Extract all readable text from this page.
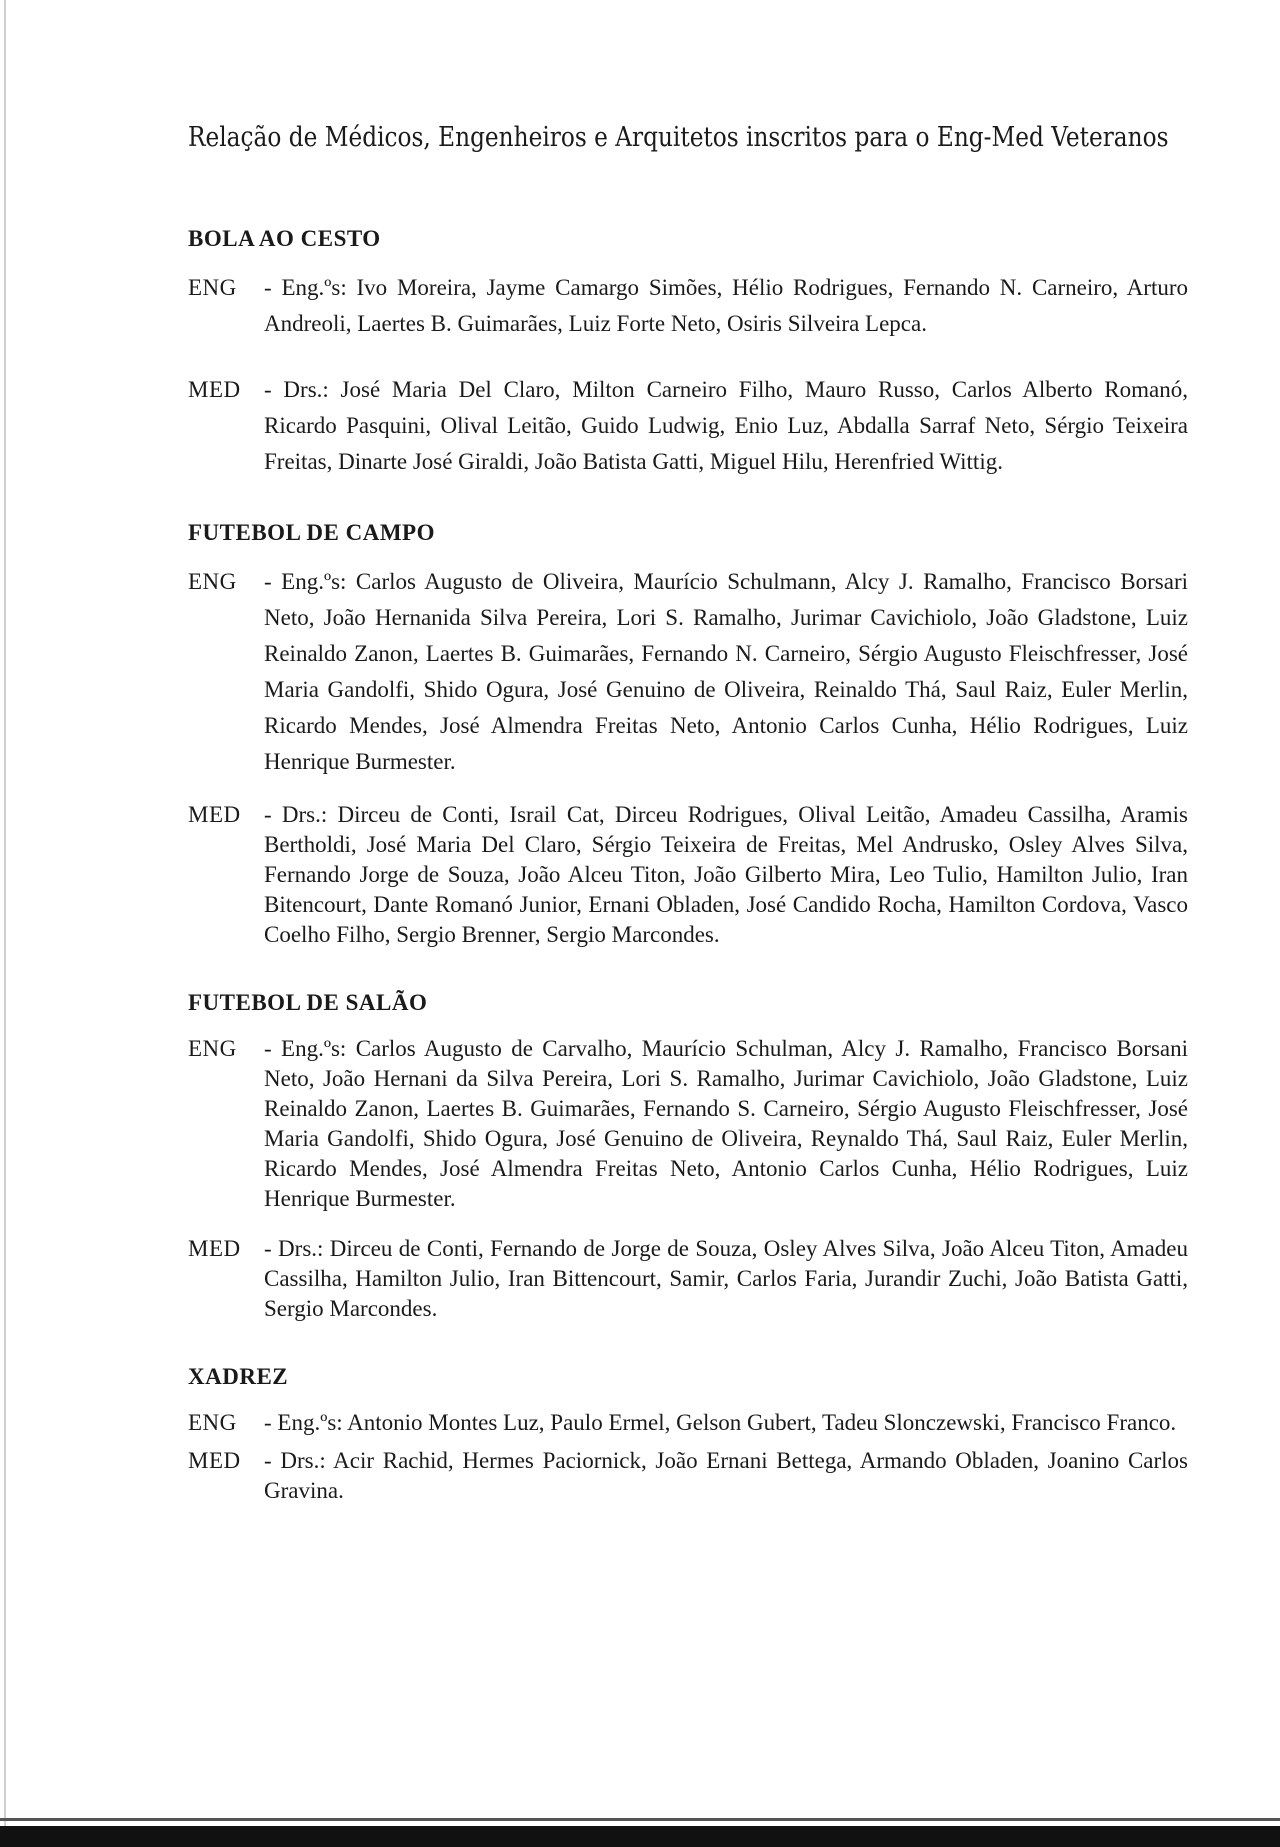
Relação de Médicos, Engenheiros e Arquitetos inscritos para o Eng-Med Veteranos
BOLA AO CESTO
ENG	- Eng.ºs: Ivo Moreira, Jayme Camargo Simões, Hélio Rodrigues, Fernando N. Carneiro, Arturo Andreoli, Laertes B. Guimarães, Luiz Forte Neto, Osiris Silveira Lepca.
MED	- Drs.: José Maria Del Claro, Milton Carneiro Filho, Mauro Russo, Carlos Alberto Romanó, Ricardo Pasquini, Olival Leitão, Guido Ludwig, Enio Luz, Abdalla Sarraf Neto, Sérgio Teixeira Freitas, Dinarte José Giraldi, João Batista Gatti, Miguel Hilu, Herenfried Wittig.
FUTEBOL DE CAMPO
ENG	- Eng.ºs: Carlos Augusto de Oliveira, Maurício Schulmann, Alcy J. Ramalho, Francisco Borsari Neto, João Hernanida Silva Pereira, Lori S. Ramalho, Jurimar Cavichiolo, João Gladstone, Luiz Reinaldo Zanon, Laertes B. Guimarães, Fernando N. Carneiro, Sérgio Augusto Fleischfresser, José Maria Gandolfi, Shido Ogura, José Genuino de Oliveira, Reinaldo Thá, Saul Raiz, Euler Merlin, Ricardo Mendes, José Almendra Freitas Neto, Antonio Carlos Cunha, Hélio Rodrigues, Luiz Henrique Burmester.
MED	- Drs.: Dirceu de Conti, Israil Cat, Dirceu Rodrigues, Olival Leitão, Amadeu Cassilha, Aramis Bertholdi, José Maria Del Claro, Sérgio Teixeira de Freitas, Mel Andrusko, Osley Alves Silva, Fernando Jorge de Souza, João Alceu Titon, João Gilberto Mira, Leo Tulio, Hamilton Julio, Iran Bitencourt, Dante Romanó Junior, Ernani Obladen, José Candido Rocha, Hamilton Cordova, Vasco Coelho Filho, Sergio Brenner, Sergio Marcondes.
FUTEBOL DE SALÃO
ENG	- Eng.ºs: Carlos Augusto de Carvalho, Maurício Schulman, Alcy J. Ramalho, Francisco Borsani Neto, João Hernani da Silva Pereira, Lori S. Ramalho, Jurimar Cavichiolo, João Gladstone, Luiz Reinaldo Zanon, Laertes B. Guimarães, Fernando S. Carneiro, Sérgio Augusto Fleischfresser, José Maria Gandolfi, Shido Ogura, José Genuino de Oliveira, Reynaldo Thá, Saul Raiz, Euler Merlin, Ricardo Mendes, José Almendra Freitas Neto, Antonio Carlos Cunha, Hélio Rodrigues, Luiz Henrique Burmester.
MED	- Drs.: Dirceu de Conti, Fernando de Jorge de Souza, Osley Alves Silva, João Alceu Titon, Amadeu Cassilha, Hamilton Julio, Iran Bittencourt, Samir, Carlos Faria, Jurandir Zuchi, João Batista Gatti, Sergio Marcondes.
XADREZ
ENG	- Eng.ºs: Antonio Montes Luz, Paulo Ermel, Gelson Gubert, Tadeu Slonczewski, Francisco Franco.
MED	- Drs.: Acir Rachid, Hermes Paciornick, João Ernani Bettega, Armando Obladen, Joanino Carlos Gravina.
